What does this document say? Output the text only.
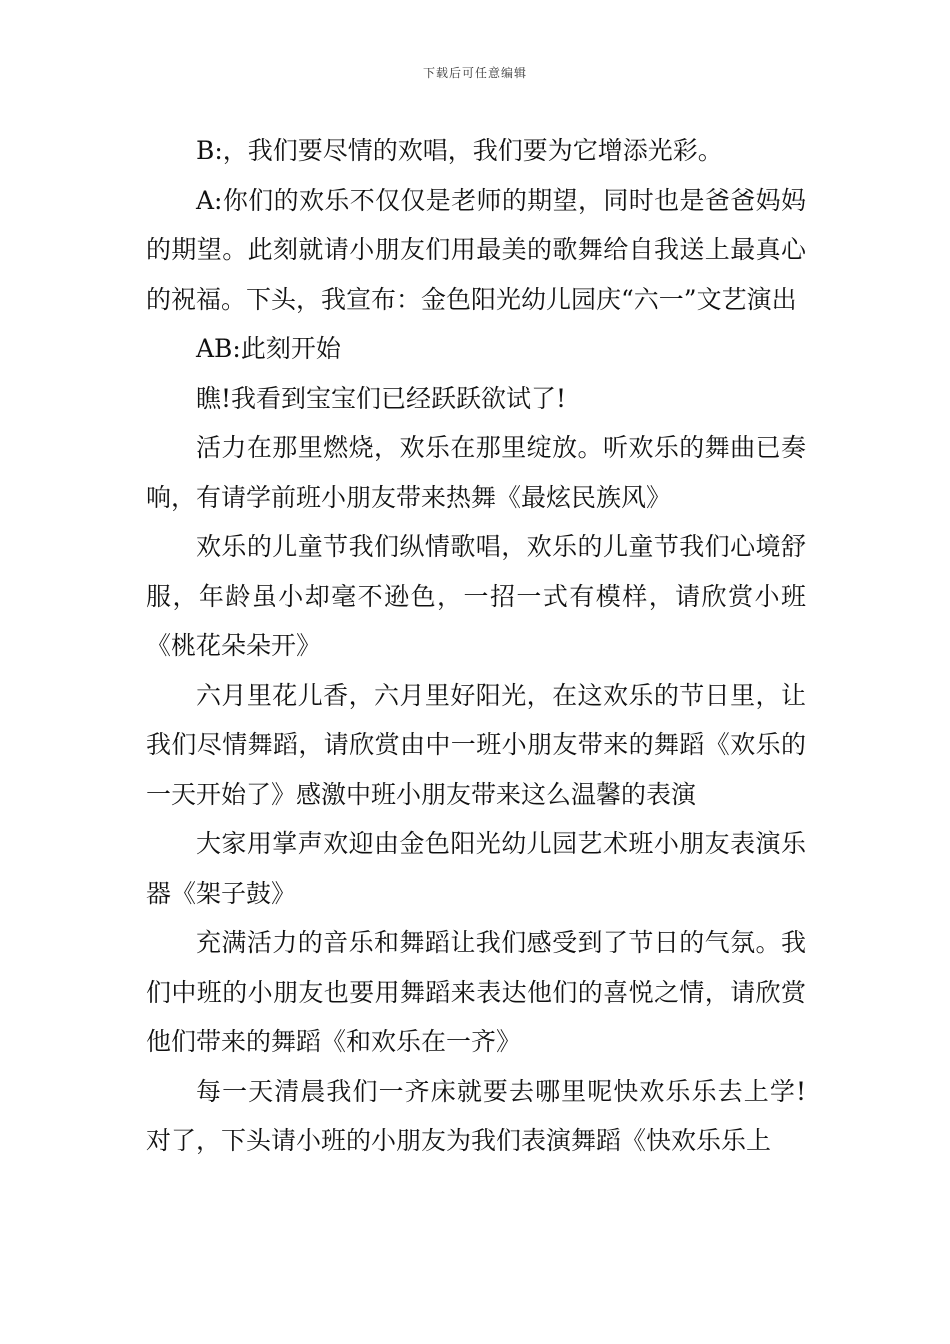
下载后可任意编辑

B:，我们要尽情的欢唱，我们要为它增添光彩。

A:你们的欢乐不仅仅是老师的期望，同时也是爸爸妈妈的期望。此刻就请小朋友们用最美的歌舞给自我送上最真心的祝福。下头，我宣布：金色阳光幼儿园庆“六一”文艺演出

AB:此刻开始

瞧!我看到宝宝们已经跃跃欲试了!

活力在那里燃烧，欢乐在那里绽放。听欢乐的舞曲已奏响，有请学前班小朋友带来热舞《最炫民族风》

欢乐的儿童节我们纵情歌唱，欢乐的儿童节我们心境舒服，年龄虽小却毫不逊色，一招一式有模样，请欣赏小班《桃花朵朵开》

六月里花儿香，六月里好阳光，在这欢乐的节日里，让我们尽情舞蹈，请欣赏由中一班小朋友带来的舞蹈《欢乐的一天开始了》感激中班小朋友带来这么温馨的表演

大家用掌声欢迎由金色阳光幼儿园艺术班小朋友表演乐器《架子鼓》

充满活力的音乐和舞蹈让我们感受到了节日的气氛。我们中班的小朋友也要用舞蹈来表达他们的喜悦之情，请欣赏他们带来的舞蹈《和欢乐在一齐》

每一天清晨我们一齐床就要去哪里呢快欢乐乐去上学!对了，下头请小班的小朋友为我们表演舞蹈《快欢乐乐上
